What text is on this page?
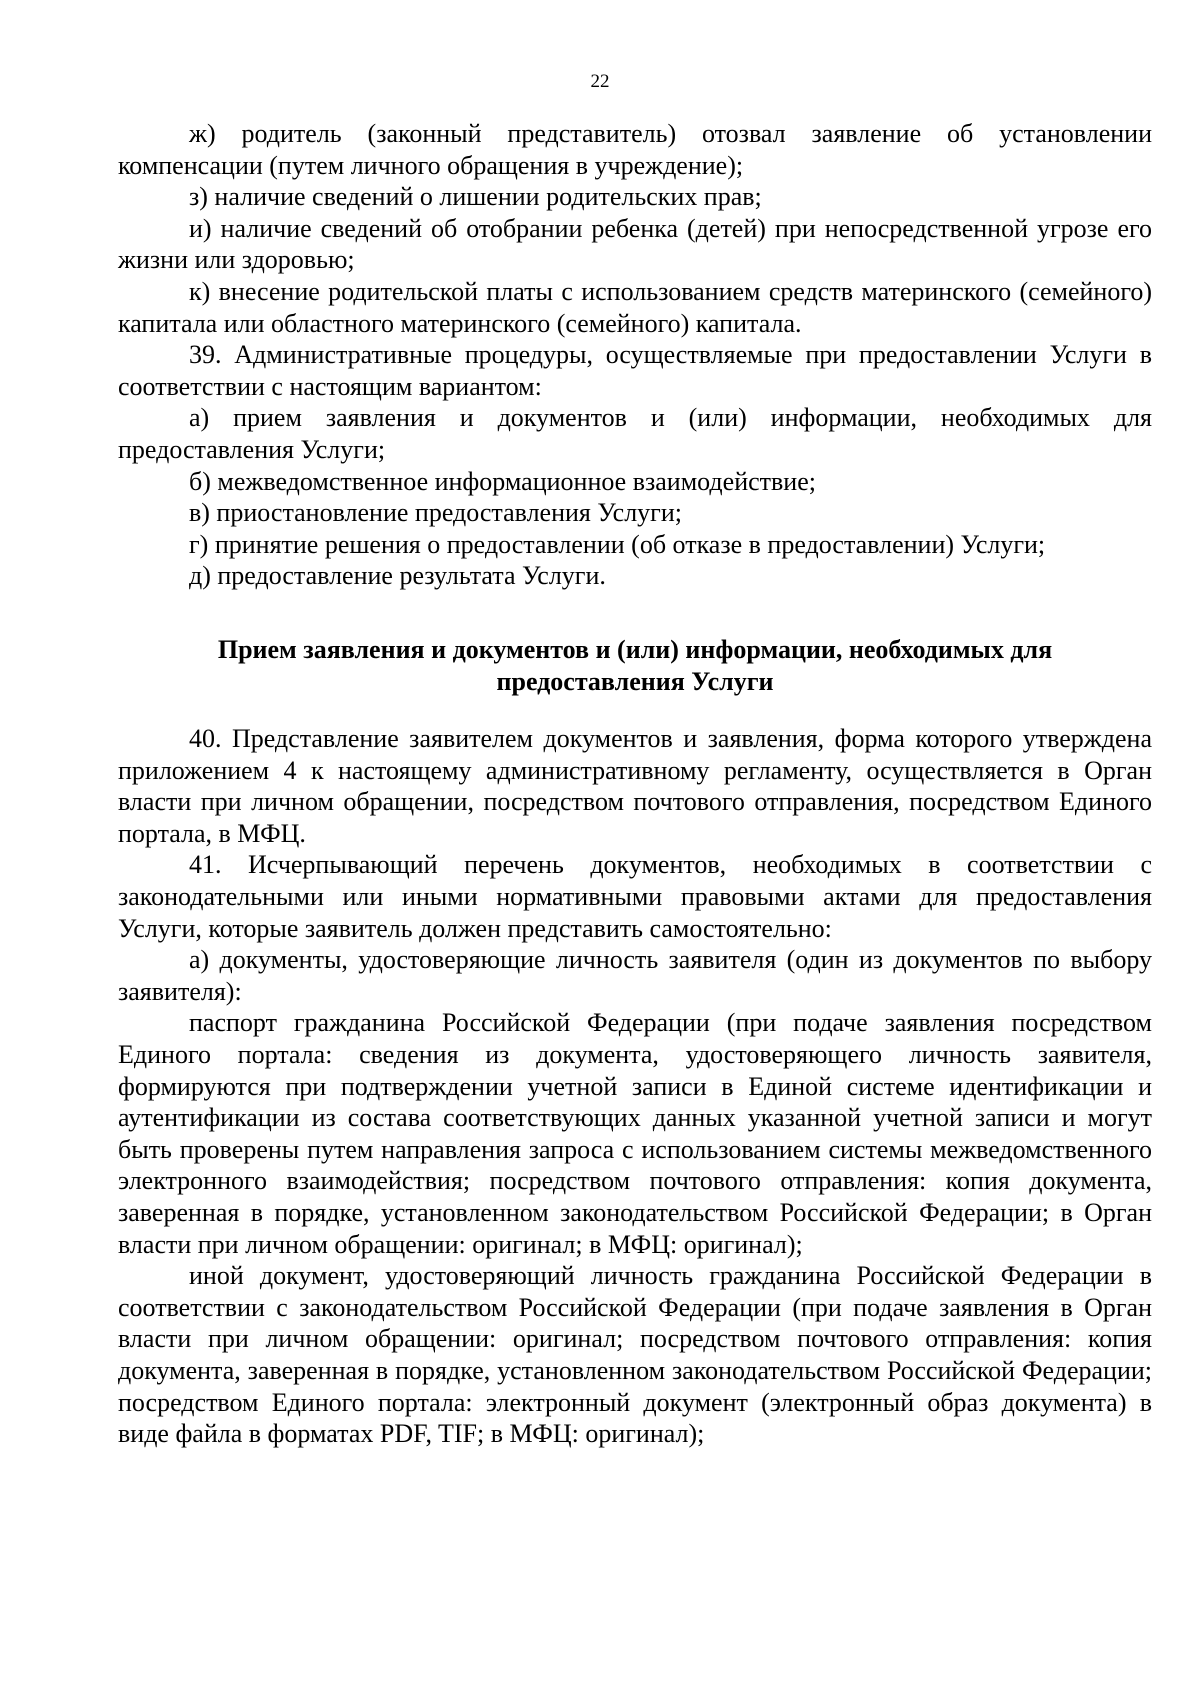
22

ж) родитель (законный представитель) отозвал заявление об установлении компенсации (путем личного обращения в учреждение);

з) наличие сведений о лишении родительских прав;

и) наличие сведений об отобрании ребенка (детей) при непосредственной угрозе его жизни или здоровью;

к) внесение родительской платы с использованием средств материнского (семейного) капитала или областного материнского (семейного) капитала.

39. Административные процедуры, осуществляемые при предоставлении Услуги в соответствии с настоящим вариантом:

а) прием заявления и документов и (или) информации, необходимых для предоставления Услуги;

б) межведомственное информационное взаимодействие;

в) приостановление предоставления Услуги;

г) принятие решения о предоставлении (об отказе в предоставлении) Услуги;

д) предоставление результата Услуги.

Прием заявления и документов и (или) информации, необходимых для
предоставления Услуги

40. Представление заявителем документов и заявления, форма которого утверждена приложением 4 к настоящему административному регламенту, осуществляется в Орган власти при личном обращении, посредством почтового отправления, посредством Единого портала, в МФЦ.

41. Исчерпывающий перечень документов, необходимых в соответствии с законодательными или иными нормативными правовыми актами для предоставления Услуги, которые заявитель должен представить самостоятельно:

а) документы, удостоверяющие личность заявителя (один из документов по выбору заявителя):

паспорт гражданина Российской Федерации (при подаче заявления посредством Единого портала: сведения из документа, удостоверяющего личность заявителя, формируются при подтверждении учетной записи в Единой системе идентификации и аутентификации из состава соответствующих данных указанной учетной записи и могут быть проверены путем направления запроса с использованием системы межведомственного электронного взаимодействия; посредством почтового отправления: копия документа, заверенная в порядке, установленном законодательством Российской Федерации; в Орган власти при личном обращении: оригинал; в МФЦ: оригинал);

иной документ, удостоверяющий личность гражданина Российской Федерации в соответствии с законодательством Российской Федерации (при подаче заявления в Орган власти при личном обращении: оригинал; посредством почтового отправления: копия документа, заверенная в порядке, установленном законодательством Российской Федерации; посредством Единого портала: электронный документ (электронный образ документа) в виде файла в форматах PDF, TIF; в МФЦ: оригинал);
